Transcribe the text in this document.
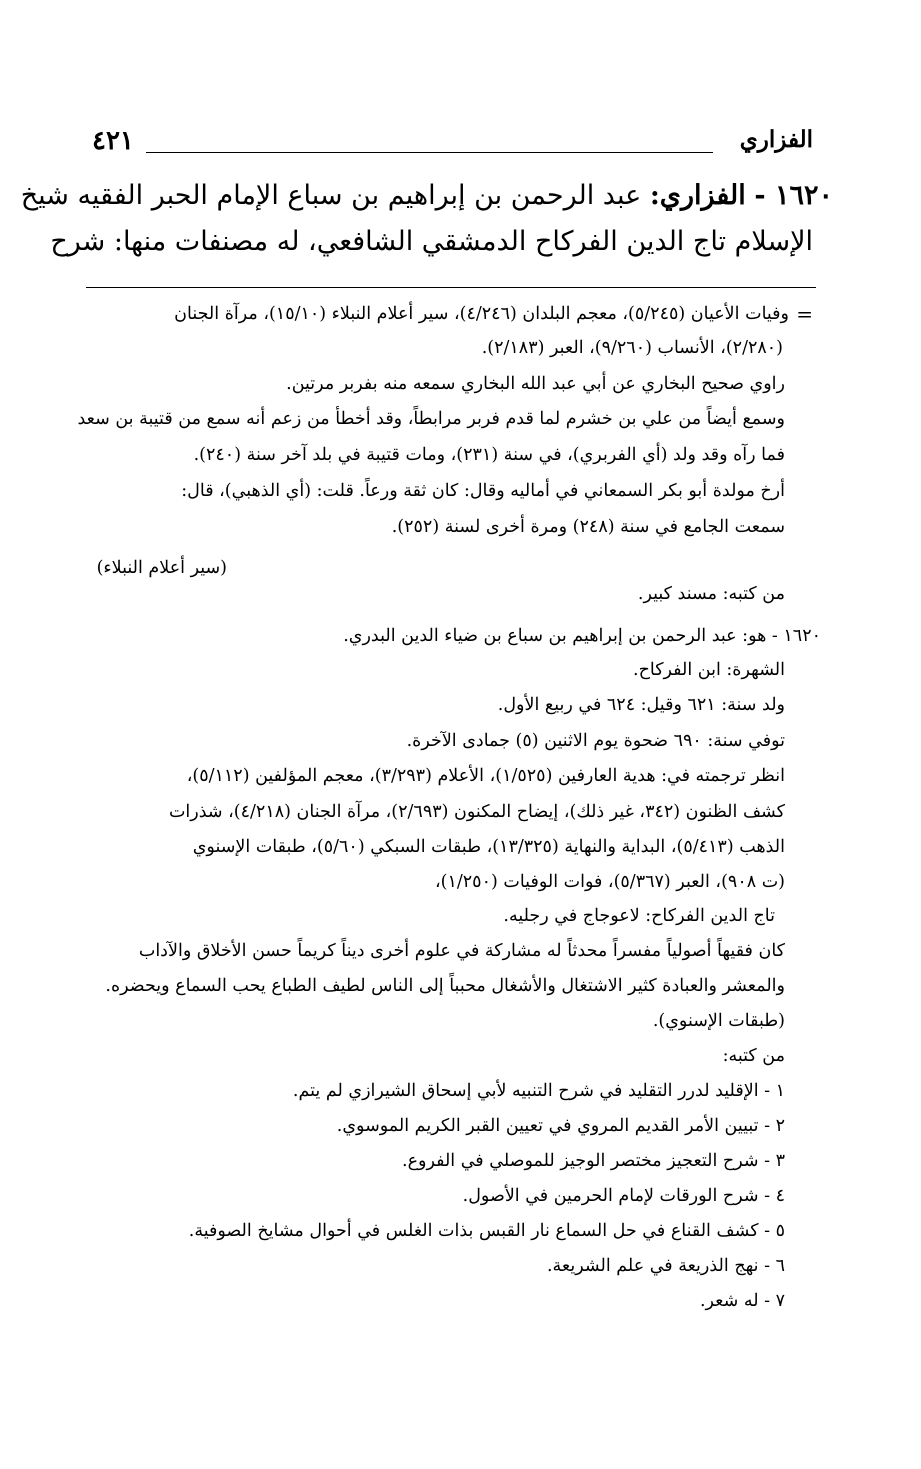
الفزاري
٤٢١
١٦٢٠ - الفزاري: عبد الرحمن بن إبراهيم بن سباع الإمام الحبر الفقيه شيخ
الإسلام تاج الدين الفركاح الدمشقي الشافعي، له مصنفات منها: شرح
=
وفيات الأعيان (٥/٢٤٥)، معجم البلدان (٤/٢٤٦)، سير أعلام النبلاء (١٥/١٠)، مرآة الجنان
(٢/٢٨٠)، الأنساب (٩/٢٦٠)، العبر (٢/١٨٣).
راوي صحيح البخاري عن أبي عبد الله البخاري سمعه منه بفربر مرتين.
وسمع أيضاً من علي بن خشرم لما قدم فربر مرابطاً، وقد أخطأ من زعم أنه سمع من قتيبة بن سعد
فما رآه وقد ولد (أي الفربري)، في سنة (٢٣١)، ومات قتيبة في بلد آخر سنة (٢٤٠).
أرخ مولدة أبو بكر السمعاني في أماليه وقال: كان ثقة ورعاً. قلت: (أي الذهبي)، قال:
سمعت الجامع في سنة (٢٤٨) ومرة أخرى لسنة (٢٥٢).
(سير أعلام النبلاء)
من كتبه: مسند كبير.
١٦٢٠ - هو: عبد الرحمن بن إبراهيم بن سباع بن ضياء الدين البدري.
الشهرة: ابن الفركاح.
ولد سنة: ٦٢١ وقيل: ٦٢٤ في ربيع الأول.
توفي سنة: ٦٩٠ ضحوة يوم الاثنين (٥) جمادى الآخرة.
انظر ترجمته في: هدية العارفين (١/٥٢٥)، الأعلام (٣/٢٩٣)، معجم المؤلفين (٥/١١٢)،
كشف الظنون (٣٤٢، غير ذلك)، إيضاح المكنون (٢/٦٩٣)، مرآة الجنان (٤/٢١٨)، شذرات
الذهب (٥/٤١٣)، البداية والنهاية (١٣/٣٢٥)، طبقات السبكي (٥/٦٠)، طبقات الإسنوي
(ت ٩٠٨)، العبر (٥/٣٦٧)، فوات الوفيات (١/٢٥٠)،
تاج الدين الفركاح: لاعوجاج في رجليه.
كان فقيهاً أصولياً مفسراً محدثاً له مشاركة في علوم أخرى ديناً كريماً حسن الأخلاق والآداب
والمعشر والعبادة كثير الاشتغال والأشغال محبباً إلى الناس لطيف الطباع يحب السماع ويحضره.
(طبقات الإسنوي).
من كتبه:
١ - الإقليد لدرر التقليد في شرح التنبيه لأبي إسحاق الشيرازي لم يتم.
٢ - تبيين الأمر القديم المروي في تعيين القبر الكريم الموسوي.
٣ - شرح التعجيز مختصر الوجيز للموصلي في الفروع.
٤ - شرح الورقات لإمام الحرمين في الأصول.
٥ - كشف القناع في حل السماع نار القبس بذات الغلس في أحوال مشايخ الصوفية.
٦ - نهج الذريعة في علم الشريعة.
٧ - له شعر.
